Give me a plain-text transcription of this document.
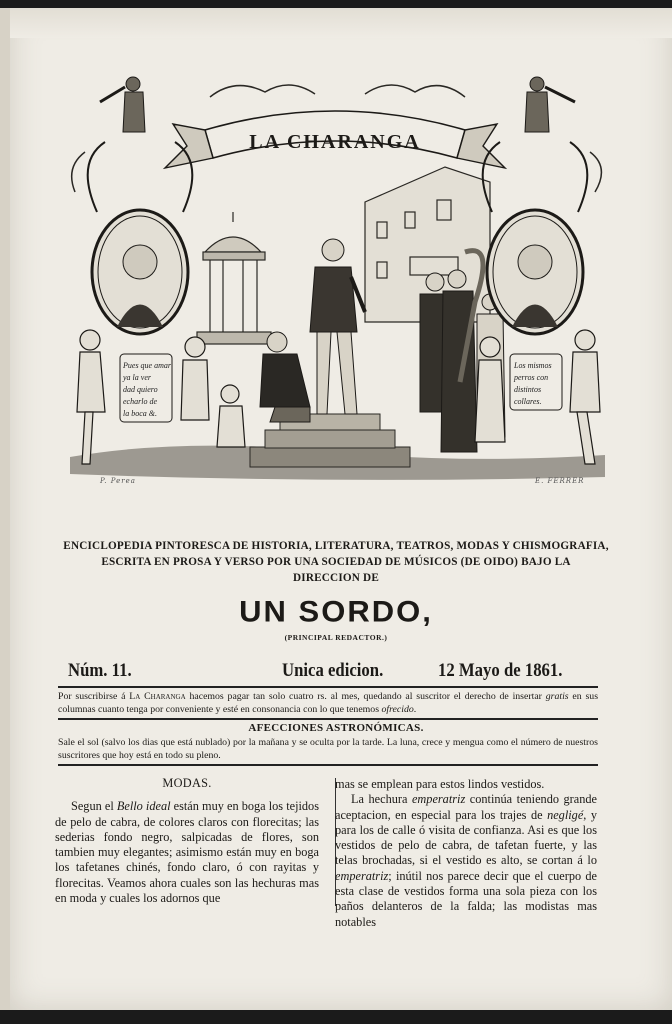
LA CHARANGA
Pues que amar
ya la ver
dad quiero
echarlo de
la boca &.
Los mismos
perros con
distintos
collares.
P. Perea	E. FERRER
ENCICLOPEDIA PINTORESCA DE HISTORIA, LITERATURA, TEATROS, MODAS Y CHISMOGRAFIA,
ESCRITA EN PROSA Y VERSO POR UNA SOCIEDAD DE MÚSICOS (DE OIDO) BAJO LA
DIRECCION DE
UN SORDO,
(PRINCIPAL REDACTOR.)
Núm. 11.	Unica edicion.	12 Mayo de 1861.
Por suscribirse á La Charanga hacemos pagar tan solo cuatro rs. al mes, quedando al suscritor el derecho de insertar gratis en sus columnas cuanto tenga por conveniente y esté en consonancia con lo que tenemos ofrecido.
AFECCIONES ASTRONÓMICAS.
Sale el sol (salvo los dias que está nublado) por la mañana y se oculta por la tarde. La luna, crece y mengua como el número de nuestros suscritores que hoy está en todo su pleno.

MODAS.

Segun el Bello ideal están muy en boga los tejidos de pelo de cabra, de colores claros con florecitas; las sederias fondo negro, salpicadas de flores, son tambien muy elegantes; asimismo están muy en boga los tafetanes chinés, fondo claro, ó con rayitas y florecitas. Veamos ahora cuales son las hechuras mas en moda y cuales los adornos que

mas se emplean para estos lindos vestidos.

La hechura emperatriz continúa teniendo grande aceptacion, en especial para los trajes de negligé, y para los de calle ó visita de confianza. Asi es que los vestidos de pelo de cabra, de tafetan fuerte, y las telas brochadas, si el vestido es alto, se cortan á lo emperatriz; inútil nos parece decir que el cuerpo de esta clase de vestidos forma una sola pieza con los paños delanteros de la falda; las modistas mas notables
